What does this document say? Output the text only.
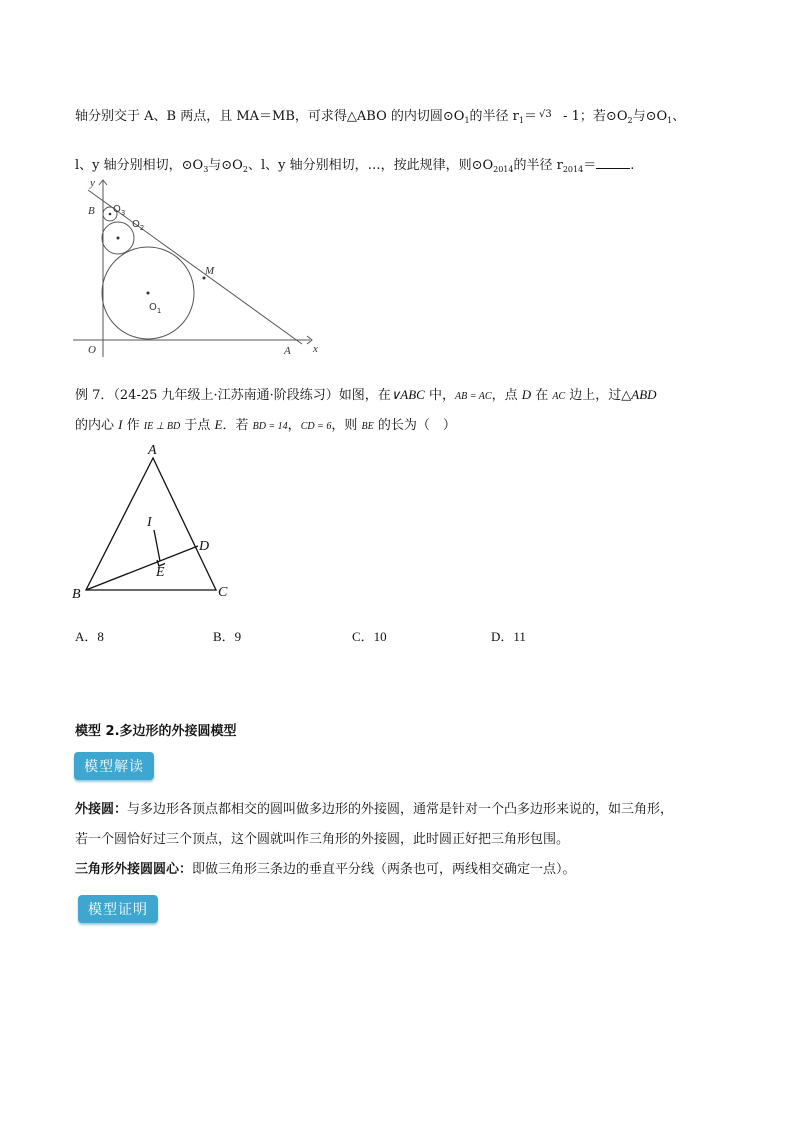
轴分别交于 A、B 两点，且 MA＝MB，可求得△ABO 的内切圆$⊙O_1$的半径 $r_1= √3 - 1$；若$⊙O_2$与$⊙O_1$、
l、y 轴分别相切，$⊙O_3$与$⊙O_2$、l、y 轴分别相切，…，按此规律，则$⊙O_{2014}$的半径 $r_{2014}=$	.
y
x
B
O	A
M
$O_1$
$O_2$
$O_3$
例 7．（24-25 九年级上·江苏南通·阶段练习）如图，在∨ABC 中，AB = AC，点 D 在 AC 边上，过△ABD
的内心 I 作 IE ⊥ BD 于点 E．若 BD = 14，CD = 6，则 BE 的长为（　）
A
B	C
D
E
I
A．8	B．9	C．10	D．11
模型 2.多边形的外接圆模型
模型解读
外接圆：与多边形各顶点都相交的圆叫做多边形的外接圆，通常是针对一个凸多边形来说的，如三角形，
若一个圆恰好过三个顶点，这个圆就叫作三角形的外接圆，此时圆正好把三角形包围。
三角形外接圆圆心：即做三角形三条边的垂直平分线（两条也可，两线相交确定一点）。
模型证明
